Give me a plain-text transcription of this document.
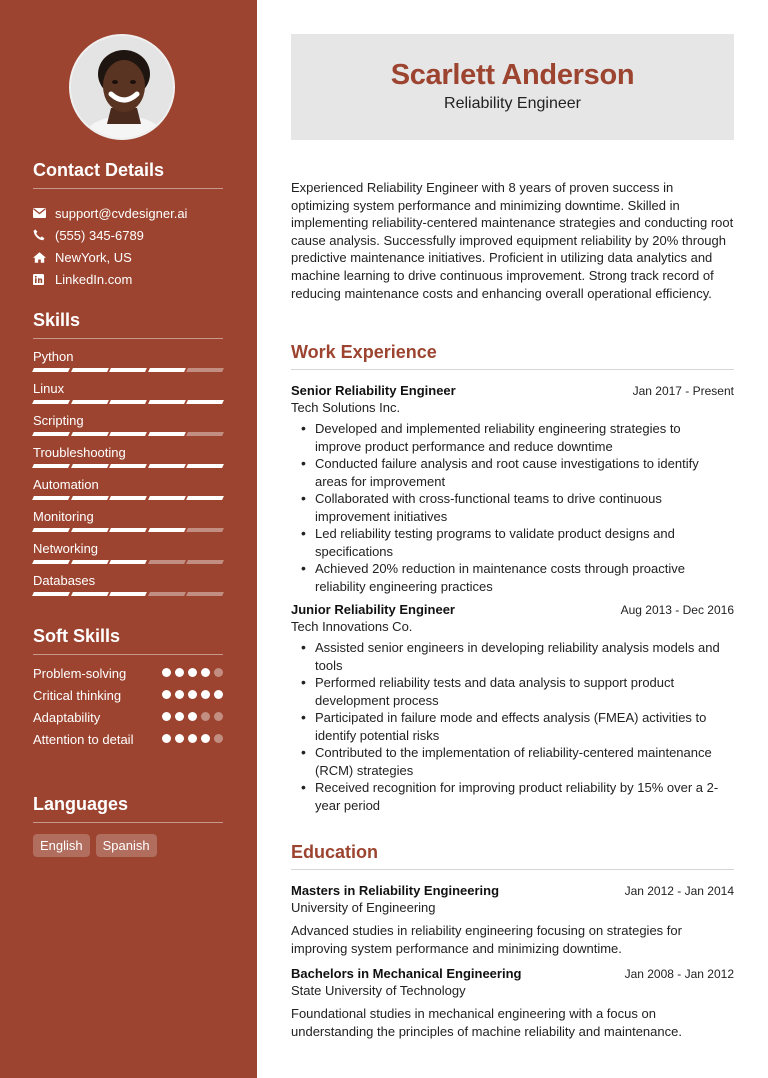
Contact Details
support@cvdesigner.ai
(555) 345-6789
NewYork, US
LinkedIn.com
Skills
Python
Linux
Scripting
Troubleshooting
Automation
Monitoring
Networking
Databases
Soft Skills
Problem-solving
Critical thinking
Adaptability
Attention to detail
Languages
English	Spanish
Scarlett Anderson
Reliability Engineer

Experienced Reliability Engineer with 8 years of proven success in optimizing system performance and minimizing downtime. Skilled in implementing reliability-centered maintenance strategies and conducting root cause analysis. Successfully improved equipment reliability by 20% through predictive maintenance initiatives. Proficient in utilizing data analytics and machine learning to drive continuous improvement. Strong track record of reducing maintenance costs and enhancing overall operational efficiency.

Work Experience
Senior Reliability Engineer	Jan 2017 - Present
Tech Solutions Inc.
• Developed and implemented reliability engineering strategies to improve product performance and reduce downtime
• Conducted failure analysis and root cause investigations to identify areas for improvement
• Collaborated with cross-functional teams to drive continuous improvement initiatives
• Led reliability testing programs to validate product designs and specifications
• Achieved 20% reduction in maintenance costs through proactive reliability engineering practices
Junior Reliability Engineer	Aug 2013 - Dec 2016
Tech Innovations Co.
• Assisted senior engineers in developing reliability analysis models and tools
• Performed reliability tests and data analysis to support product development process
• Participated in failure mode and effects analysis (FMEA) activities to identify potential risks
• Contributed to the implementation of reliability-centered maintenance (RCM) strategies
• Received recognition for improving product reliability by 15% over a 2-year period
Education
Masters in Reliability Engineering	Jan 2012 - Jan 2014
University of Engineering
Advanced studies in reliability engineering focusing on strategies for improving system performance and minimizing downtime.
Bachelors in Mechanical Engineering	Jan 2008 - Jan 2012
State University of Technology
Foundational studies in mechanical engineering with a focus on understanding the principles of machine reliability and maintenance.
